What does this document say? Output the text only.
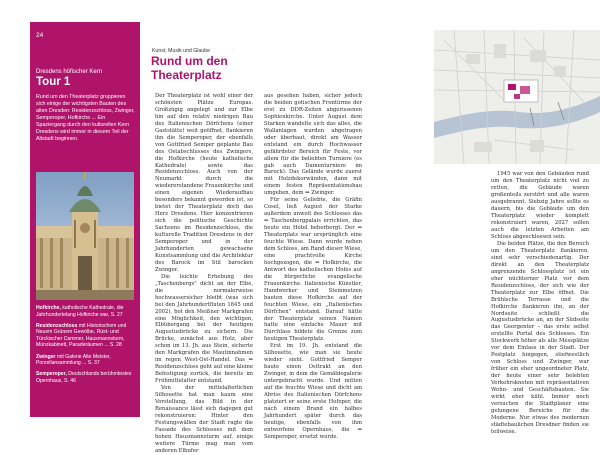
24
Dresdens höfischer Kern
Tour 1
Rund um den Theaterplatz gruppieren sich einige der wichtigsten Bauten des alten Dresden: Residenzschloss, Zwinger, Semperoper, Hofkirche ... Ein Spaziergang durch den kulturellen Kern Dresdens wird immer in diesem Teil der Altstadt beginnen.
Hofkirche, katholische Kathedrale, die Jahrhundertelang Hofkirche war, S. 27
Residenzschloss mit Historischem und Neuem Grünem Gewölbe, Rüst- und Türckischer Cammer, Hausmannsturm, Münzkabinett, Paraderäumen ... S. 28
Zwinger mit Galerie Alte Meister, Porzellansammlung ... S. 37
Semperoper, Deutschlands berühmtestes Opernhaus, S. 46
Kunst, Musik und Glaube
Rund um den Theaterplatz

Der Theaterplatz ist wohl einer der schönsten Plätze Europas. Großzügig angelegt und zur Elbe hin auf den relativ niedrigen Bau des Italienischen Dörfchens (einer Gaststätte) weit geöffnet, flankieren ihn die Semperoper, der ebenfalls von Gottfried Semper geplante Bau des Ostabschlusses des Zwingers, die Hofkirche (heute katholische Kathedrale) sowie das Residenzschloss. Auch von der Neumarkt durch die wiedererstandene Frauenkirche und einen eigenen Wiederaufbau besonders bekannt geworden ist, so bietet der Theaterplatz doch das Herz Dresdens. Hier konzentrieren sich die politische Geschichte Sachsens im Residenzschloss, die kulturelle Tradition Dresdens in der Semperoper und in der Jahrhunderten gewachsene Kunstsammlung und die Architektur des Barock im Stil barocken Zwinger.

Die leichte Erhebung des „Taschenbergs" dicht an der Elbe, die normalerweise hochwassersicher bleibt (was sich bei den Jahrhundertfluten 1845 und 2002), bot den Meißner Markgrafen eine Möglichkeit, den wichtigen, Elbübergang bei der heutigen Augustusbrücke zu sichern. Die Brücke, zunächst aus Holz, aber schon im 13. Jh. aus Stein, sicherte den Markgrafen die Mautinnahmen im regen West-Ost-Handel. Das ⇒ Residenzschloss geht auf eine kleine Befestigung zurück, die bereits im Frühmittelalter entstand.

Von der mittelalterlichen Silhouette hat man kaum eine Vorstellung, das Bild in der Renaissance lässt sich dagegen gut rekonstruieren: Hinter den Festungswällen der Stadt ragte die Fassade des Schlosses mit dem hohen Hausmannsturm auf, einige weitere Türme mag man vom anderen Elbufer

aus gesehen haben, sicher jedoch die beiden gotischen Frontürme der erst zu DDR-Zeiten abgerissenen Sophienkirche. Unter August dem Starken wandelte sich das alles, die Wallanlagen wurden abgetragen oder überbaut, direkt am Wasser entstand ein durch Hochwasser gefährdeter Bereich für Feste, vor allem für die beliebten Turniere (es gab auch Damenturniere im Barock). Das Gelände wurde zuerst mit Holzdekorwänden, dann mit einem festen Repräsentationsbau umgeben, dem ⇒ Zwinger.

Für seine Geliebte, die Gräfin Cosel, ließ August der Starke außerdem unweit des Schlosses das ⇒ Taschenbergpalais errichten, das heute ein Hotel beherbergt. Der ⇒ Theaterplatz war ursprünglich eine feuchte Wiese. Dann wurde neben dem Schloss, am Rand dieser Wiese, eine prachtvolle Kirche hochgezogen, die ⇒ Hofkirche, die Antwort des katholischen Hofes auf die bürgerliche evangelische Frauenkirche. Italienische Künstler, Handwerker und Steinmetzen bauten diese Hofkirche auf der feuchten Wiese, ein „Italienisches Dörfchen" entstand. Darauf hätte der Theaterplatz seinen Namen hatte eine einfache Mauer mit Durchlass bildete die Grenze zum heutigen Theaterplatz.

Erst im 19. Jh. entstand die Silhouette, wie man sie heute wieder sieht. Gottfried Semper baute einen Osttrakt an den Zwinger, in dem die Gemäldegalerie untergebracht wurde. Und mitten auf die feuchte Wiese und dicht am Abriss des Italienischen Dörfchens platziert er seine erste Hofoper, die nach einem Brand ein halbes Jahrhundert später durch das heutige, ebenfalls von ihm entworfene Opernhaus, die ⇒ Semperoper, ersetzt wurde.

1945 war von den Gebäuden rund um den Theaterplatz nicht viel zu retten, die Gebäude waren großenteils zerstört und alle waren ausgebrannt. Siebzig Jahre sollte es dauern, bis die Gebäude um den Theaterplatz wieder komplett rekonstruiert waren, 2027 sollen auch die letzten Arbeiten am Schloss abgeschlossen sein.

Die beiden Plätze, die den Bereich um den Theaterplatz flankieren, sind sehr verschiedenartig. Der direkt an den Theaterplatz angrenzende Schlossplatz ist ein eher nüchterner Platz vor dem Residenzschloss, der sich wie der Theaterplatz zur Elbe öffnet. Die Brühlsche Terrasse und die Hofkirche flankieren ihn, an der Nordseite schließt die Augustusbrücke an, an der Südseite das Georgentor – das erste selbst erstellte Portal des Schlosses. Ein Stockwerk höher als alle Messplätze vor dem Einlass in der Stadt. Der Postplatz hingegen, stiefwestlich von Schloss und Zwinger, war früher ein eher ungeordneter Platz, der heute einer sehr belebten Verkehrsknoten mit repräsentativen Wohn- und Geschäftsbauten. Sie wirkt eher kühl. Immer noch versuchen die Stadtplaner eine gelungene Bereiche für die Moderne. Nur etwas des modernen städtebaulichen Dresdner finden sie teilweise.
